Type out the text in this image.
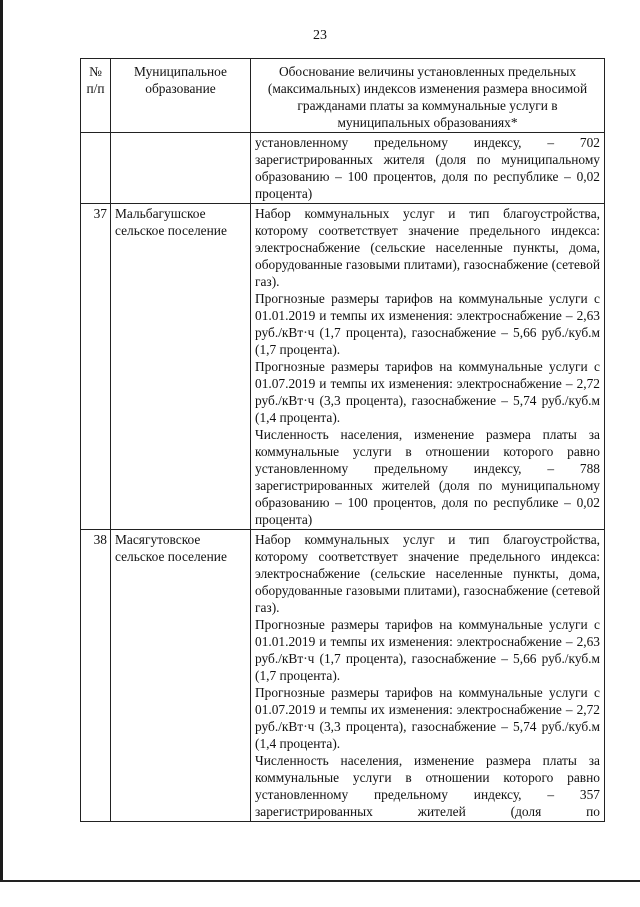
23
№ п/п	Муниципальное образование	Обоснование величины установленных предельных (максимальных) индексов изменения размера вносимой гражданами платы за коммунальные услуги в муниципальных образованиях*
		установленному предельному индексу, – 702 зарегистрированных жителя (доля по муниципальному образованию – 100 процентов, доля по республике – 0,02 процента)
37	Мальбагушское сельское поселение	Набор коммунальных услуг и тип благоустройства, которому соответствует значение предельного индекса: электроснабжение (сельские населенные пункты, дома, оборудованные газовыми плитами), газоснабжение (сетевой газ).
Прогнозные размеры тарифов на коммунальные услуги с 01.01.2019 и темпы их изменения: электроснабжение – 2,63 руб./кВт·ч (1,7 процента), газоснабжение – 5,66 руб./куб.м (1,7 процента).
Прогнозные размеры тарифов на коммунальные услуги с 01.07.2019 и темпы их изменения: электроснабжение – 2,72 руб./кВт·ч (3,3 процента), газоснабжение – 5,74 руб./куб.м (1,4 процента).
Численность населения, изменение размера платы за коммунальные услуги в отношении которого равно установленному предельному индексу, – 788 зарегистрированных жителей (доля по муниципальному образованию – 100 процентов, доля по республике – 0,02 процента)

38	Масягутовское сельское поселение	Набор коммунальных услуг и тип благоустройства, которому соответствует значение предельного индекса: электроснабжение (сельские населенные пункты, дома, оборудованные газовыми плитами), газоснабжение (сетевой газ).
Прогнозные размеры тарифов на коммунальные услуги с 01.01.2019 и темпы их изменения: электроснабжение – 2,63 руб./кВт·ч (1,7 процента), газоснабжение – 5,66 руб./куб.м (1,7 процента).
Прогнозные размеры тарифов на коммунальные услуги с 01.07.2019 и темпы их изменения: электроснабжение – 2,72 руб./кВт·ч (3,3 процента), газоснабжение – 5,74 руб./куб.м (1,4 процента).
Численность населения, изменение размера платы за коммунальные услуги в отношении которого равно установленному предельному индексу, – 357 зарегистрированных жителей (доля по
